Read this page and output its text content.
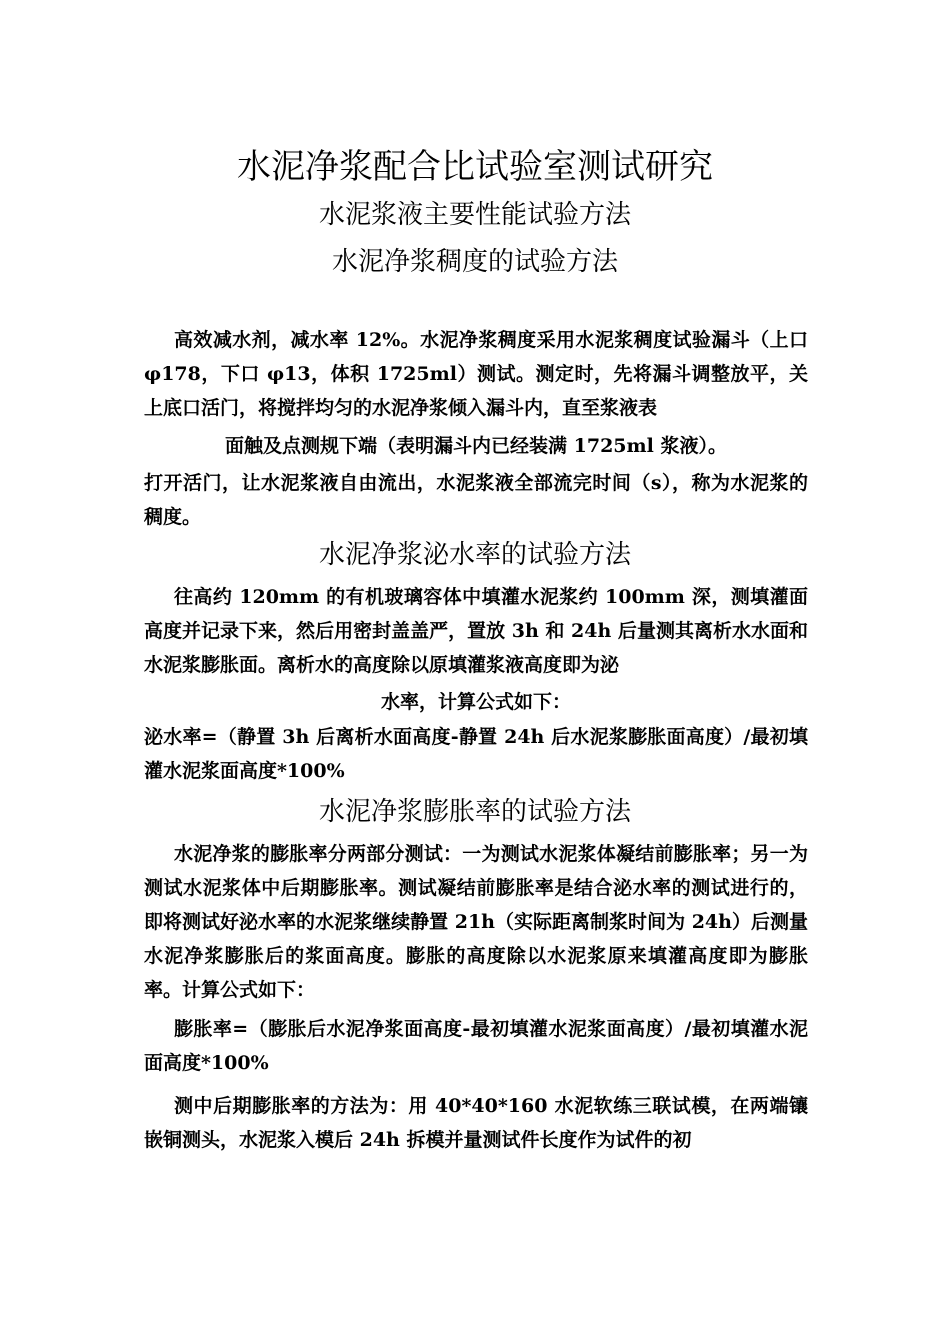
水泥净浆配合比试验室测试研究
水泥浆液主要性能试验方法
水泥净浆稠度的试验方法

高效减水剂，减水率 12%。水泥净浆稠度采用水泥浆稠度试验漏斗（上口 φ178，下口 φ13，体积 1725ml）测试。测定时，先将漏斗调整放平，关上底口活门，将搅拌均匀的水泥净浆倾入漏斗内，直至浆液表

面触及点测规下端（表明漏斗内已经装满 1725ml 浆液）。

打开活门，让水泥浆液自由流出，水泥浆液全部流完时间（s），称为水泥浆的稠度。

水泥净浆泌水率的试验方法

往高约 120mm 的有机玻璃容体中填灌水泥浆约 100mm 深，测填灌面高度并记录下来，然后用密封盖盖严，置放 3h 和 24h 后量测其离析水水面和水泥浆膨胀面。离析水的高度除以原填灌浆液高度即为泌

水率，计算公式如下：

泌水率=（静置 3h 后离析水面高度-静置 24h 后水泥浆膨胀面高度）/最初填灌水泥浆面高度*100%

水泥净浆膨胀率的试验方法

水泥净浆的膨胀率分两部分测试：一为测试水泥浆体凝结前膨胀率；另一为测试水泥浆体中后期膨胀率。测试凝结前膨胀率是结合泌水率的测试进行的，即将测试好泌水率的水泥浆继续静置 21h（实际距离制浆时间为 24h）后测量水泥净浆膨胀后的浆面高度。膨胀的高度除以水泥浆原来填灌高度即为膨胀率。计算公式如下：

膨胀率=（膨胀后水泥净浆面高度-最初填灌水泥浆面高度）/最初填灌水泥面高度*100%

测中后期膨胀率的方法为：用 40*40*160 水泥软练三联试模，在两端镶嵌铜测头，水泥浆入模后 24h 拆模并量测试件长度作为试件的初
